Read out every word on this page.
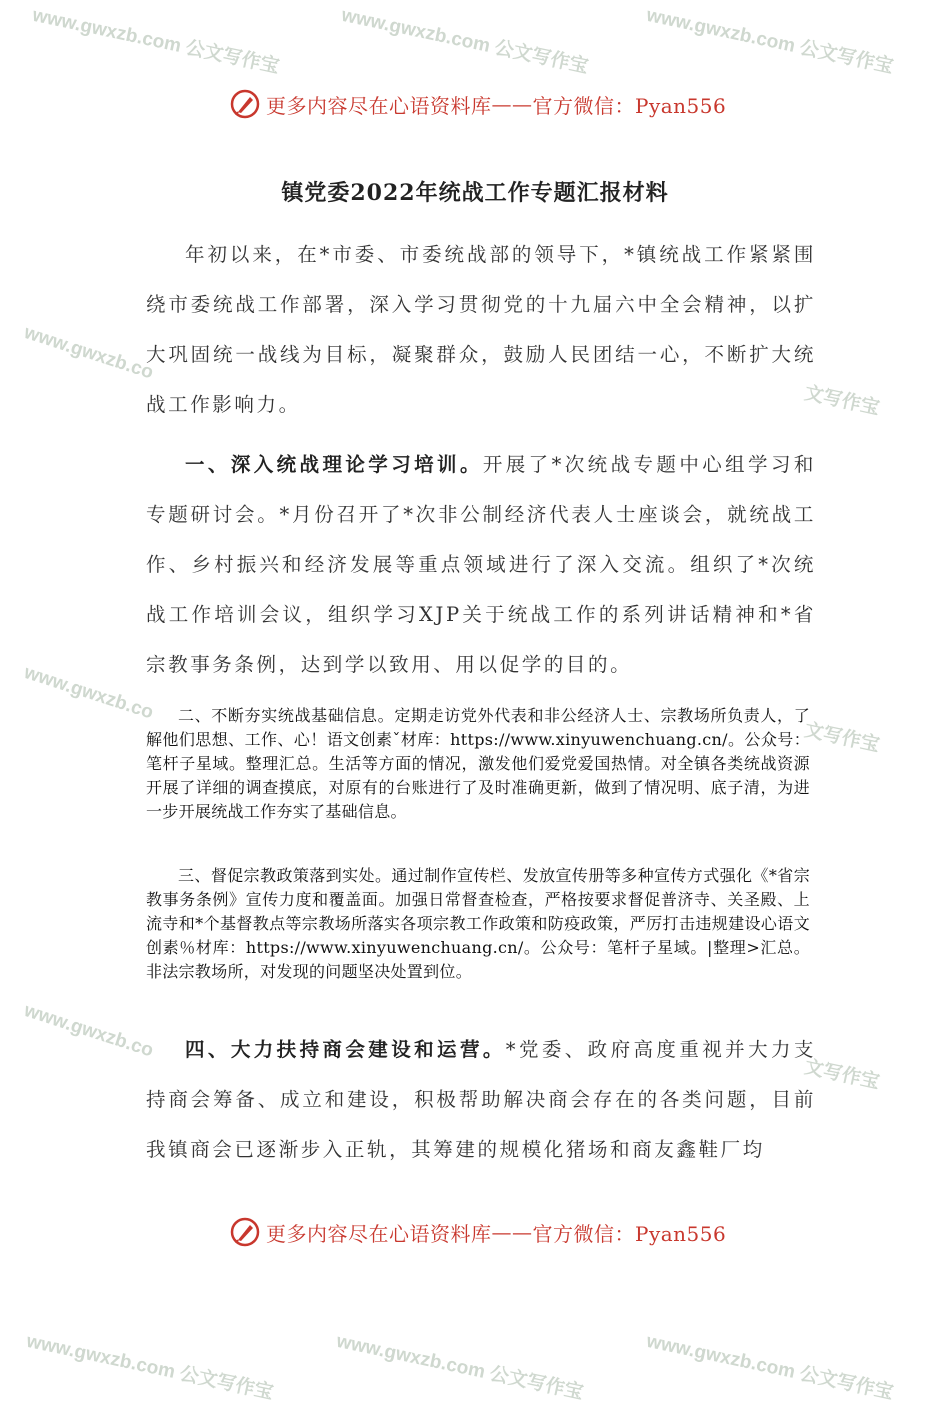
www.gwxzb.com 公文写作宝	www.gwxzb.com 公文写作宝	www.gwxzb.com 公文写作宝
www.gwxzb.co
文写作宝
www.gwxzb.co
文写作宝
www.gwxzb.co
文写作宝
更多内容尽在心语资料库 —— 官方微信：Pyan556
镇党委2022年统战工作专题汇报材料

年初以来，在*市委、市委统战部的领导下，*镇统战工作紧紧围绕市委统战工作部署，深入学习贯彻党的十九届六中全会精神，以扩大巩固统一战线为目标，凝聚群众，鼓励人民团结一心，不断扩大统战工作影响力。

一、深入统战理论学习培训。开展了*次统战专题中心组学习和专题研讨会。*月份召开了*次非公制经济代表人士座谈会，就统战工作、乡村振兴和经济发展等重点领域进行了深入交流。组织了*次统战工作培训会议，组织学习XJP关于统战工作的系列讲话精神和*省宗教事务条例，达到学以致用、用以促学的目的。

二、不断夯实统战基础信息。定期走访党外代表和非公经济人士、宗教场所负责人，了解他们思想、工作、心！语文创素ˇ材库：https://www.xinyuwenchuang.cn/。公众号：笔杆子星域。整理汇总。生活等方面的情况，激发他们爱党爱国热情。对全镇各类统战资源开展了详细的调查摸底，对原有的台账进行了及时准确更新，做到了情况明、底子清，为进一步开展统战工作夯实了基础信息。

三、督促宗教政策落到实处。通过制作宣传栏、发放宣传册等多种宣传方式强化《*省宗教事务条例》宣传力度和覆盖面。加强日常督查检查，严格按要求督促普济寺、关圣殿、上流寺和*个基督教点等宗教场所落实各项宗教工作政策和防疫政策，严厉打击违规建设心语文创素％材库：https://www.xinyuwenchuang.cn/。公众号：笔杆子星域。|整理>汇总。非法宗教场所，对发现的问题坚决处置到位。

四、大力扶持商会建设和运营。*党委、政府高度重视并大力支持商会筹备、成立和建设，积极帮助解决商会存在的各类问题，目前我镇商会已逐渐步入正轨，其筹建的规模化猪场和商友鑫鞋厂均

更多内容尽在心语资料库 —— 官方微信：Pyan556
www.gwxzb.com 公文写作宝	www.gwxzb.com 公文写作宝	www.gwxzb.com 公文写作宝
